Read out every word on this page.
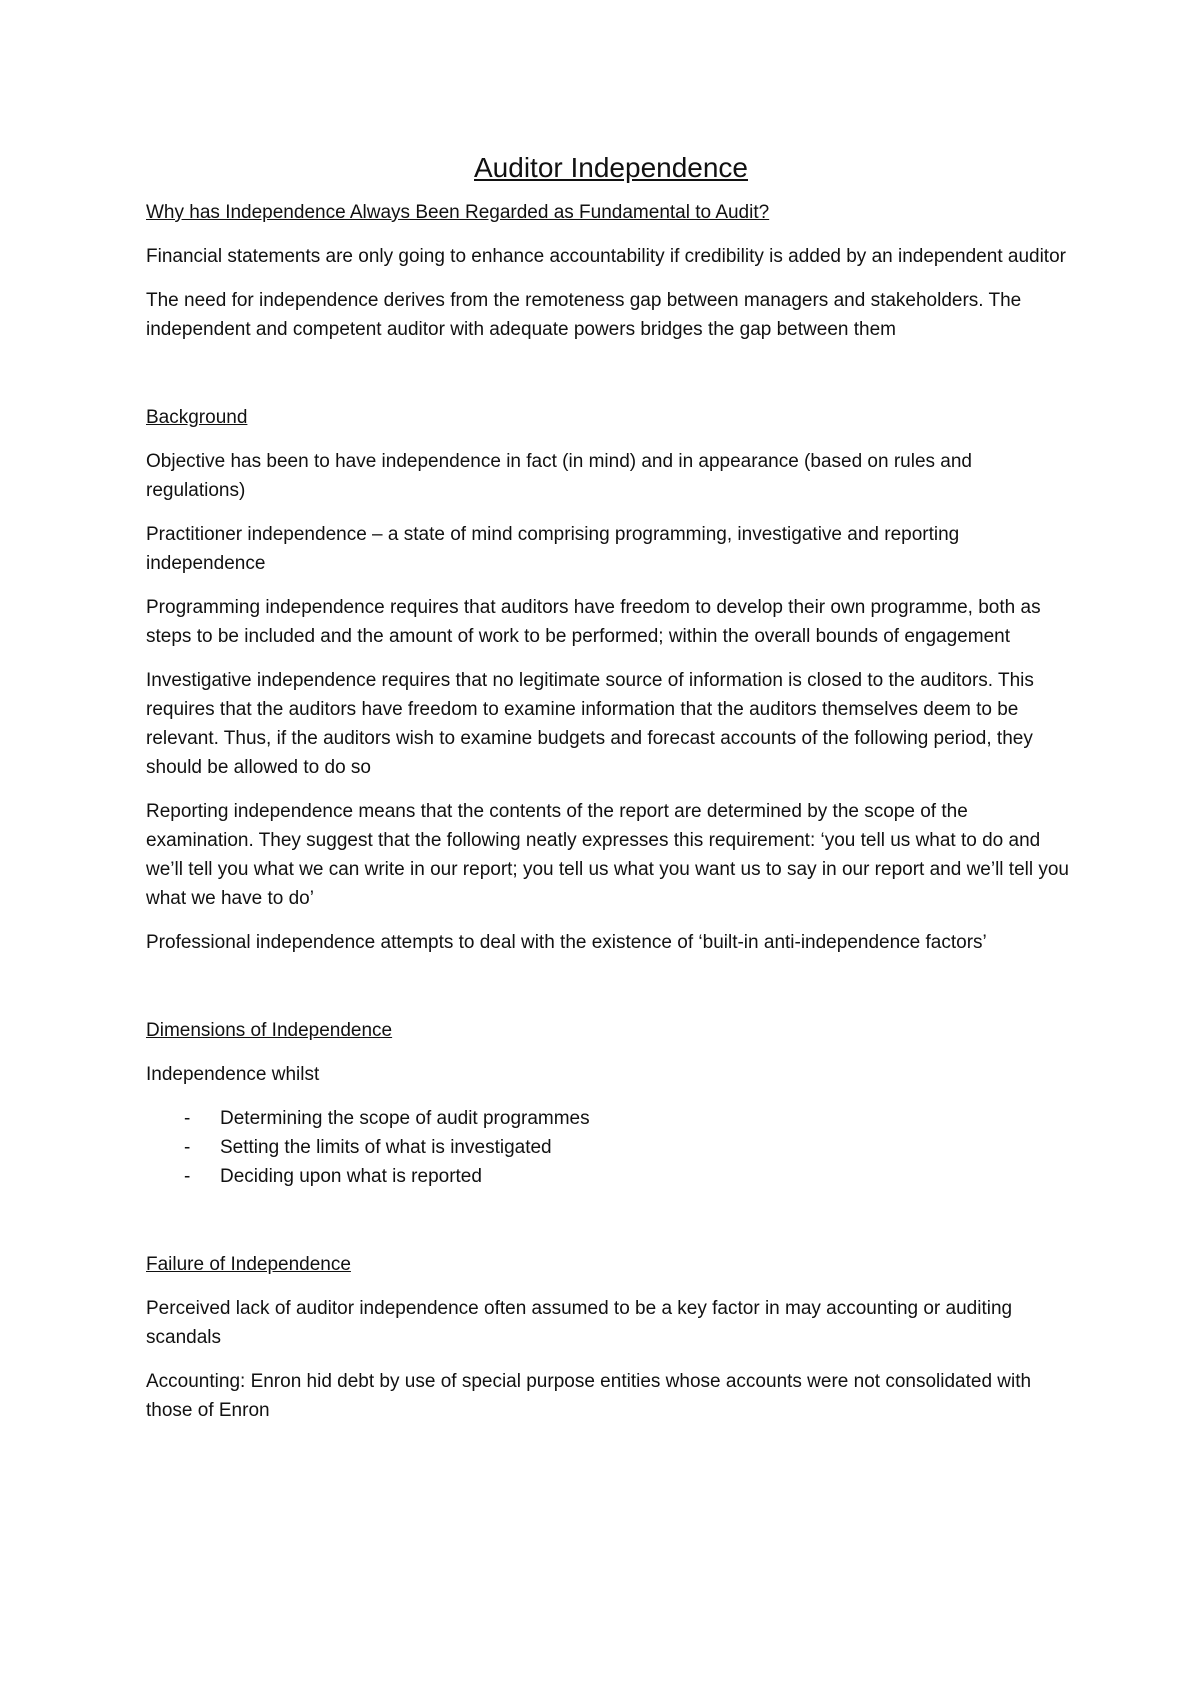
Auditor Independence
Why has Independence Always Been Regarded as Fundamental to Audit?

Financial statements are only going to enhance accountability if credibility is added by an independent auditor

The need for independence derives from the remoteness gap between managers and stakeholders. The independent and competent auditor with adequate powers bridges the gap between them

Background

Objective has been to have independence in fact (in mind) and in appearance (based on rules and regulations)

Practitioner independence – a state of mind comprising programming, investigative and reporting independence

Programming independence requires that auditors have freedom to develop their own programme, both as steps to be included and the amount of work to be performed; within the overall bounds of engagement

Investigative independence requires that no legitimate source of information is closed to the auditors. This requires that the auditors have freedom to examine information that the auditors themselves deem to be relevant. Thus, if the auditors wish to examine budgets and forecast accounts of the following period, they should be allowed to do so

Reporting independence means that the contents of the report are determined by the scope of the examination. They suggest that the following neatly expresses this requirement: ‘you tell us what to do and we’ll tell you what we can write in our report; you tell us what you want us to say in our report and we’ll tell you what we have to do’

Professional independence attempts to deal with the existence of ‘built-in anti-independence factors’

Dimensions of Independence

Independence whilst

- Determining the scope of audit programmes
- Setting the limits of what is investigated
- Deciding upon what is reported
Failure of Independence

Perceived lack of auditor independence often assumed to be a key factor in may accounting or auditing scandals

Accounting: Enron hid debt by use of special purpose entities whose accounts were not consolidated with those of Enron
